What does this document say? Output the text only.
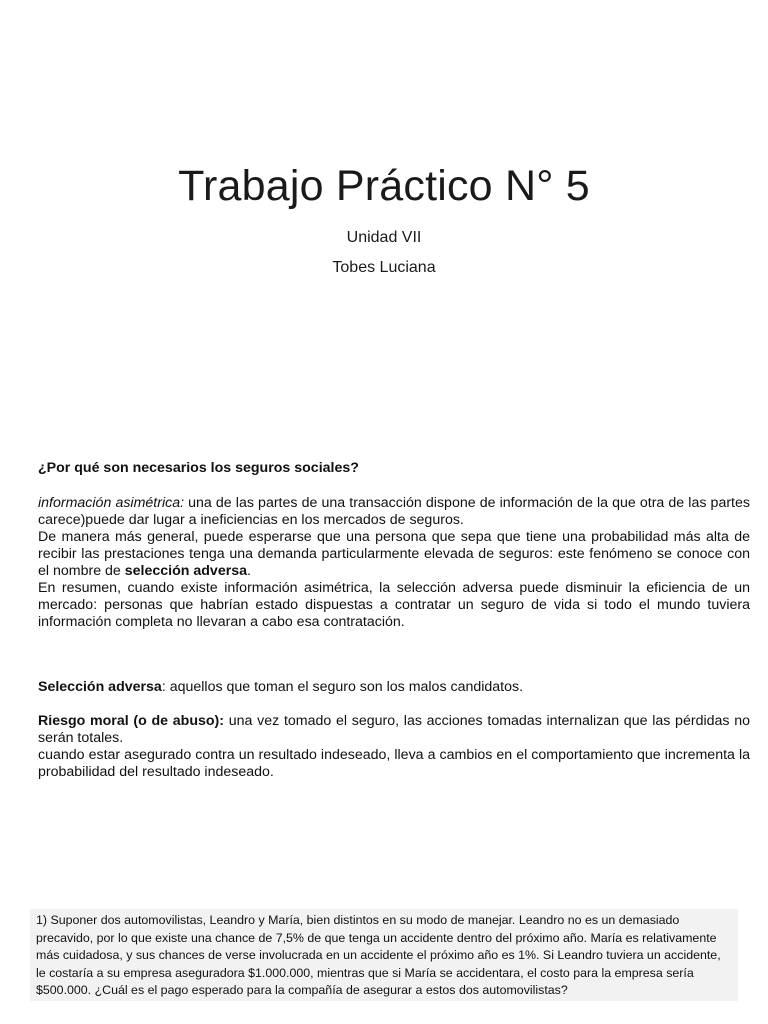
Trabajo Práctico N° 5
Unidad VII
Tobes Luciana

¿Por qué son necesarios los seguros sociales?

información asimétrica: una de las partes de una transacción dispone de información de la que otra de las partes carece)puede dar lugar a ineficiencias en los mercados de seguros.

De manera más general, puede esperarse que una persona que sepa que tiene una probabilidad más alta de recibir las prestaciones tenga una demanda particularmente elevada de seguros: este fenómeno se conoce con el nombre de selección adversa.

En resumen, cuando existe información asimétrica, la selección adversa puede disminuir la eficiencia de un mercado: personas que habrían estado dispuestas a contratar un seguro de vida si todo el mundo tuviera información completa no llevaran a cabo esa contratación.

Selección adversa: aquellos que toman el seguro son los malos candidatos.

Riesgo moral (o de abuso): una vez tomado el seguro, las acciones tomadas internalizan que las pérdidas no serán totales.

cuando estar asegurado contra un resultado indeseado, lleva a cambios en el comportamiento que incrementa la probabilidad del resultado indeseado.

1) Suponer dos automovilistas, Leandro y María, bien distintos en su modo de manejar. Leandro no es un demasiado precavido, por lo que existe una chance de 7,5% de que tenga un accidente dentro del próximo año. María es relativamente más cuidadosa, y sus chances de verse involucrada en un accidente el próximo año es 1%. Si Leandro tuviera un accidente, le costaría a su empresa aseguradora $1.000.000, mientras que si María se accidentara, el costo para la empresa sería $500.000. ¿Cuál es el pago esperado para la compañía de asegurar a estos dos automovilistas?
